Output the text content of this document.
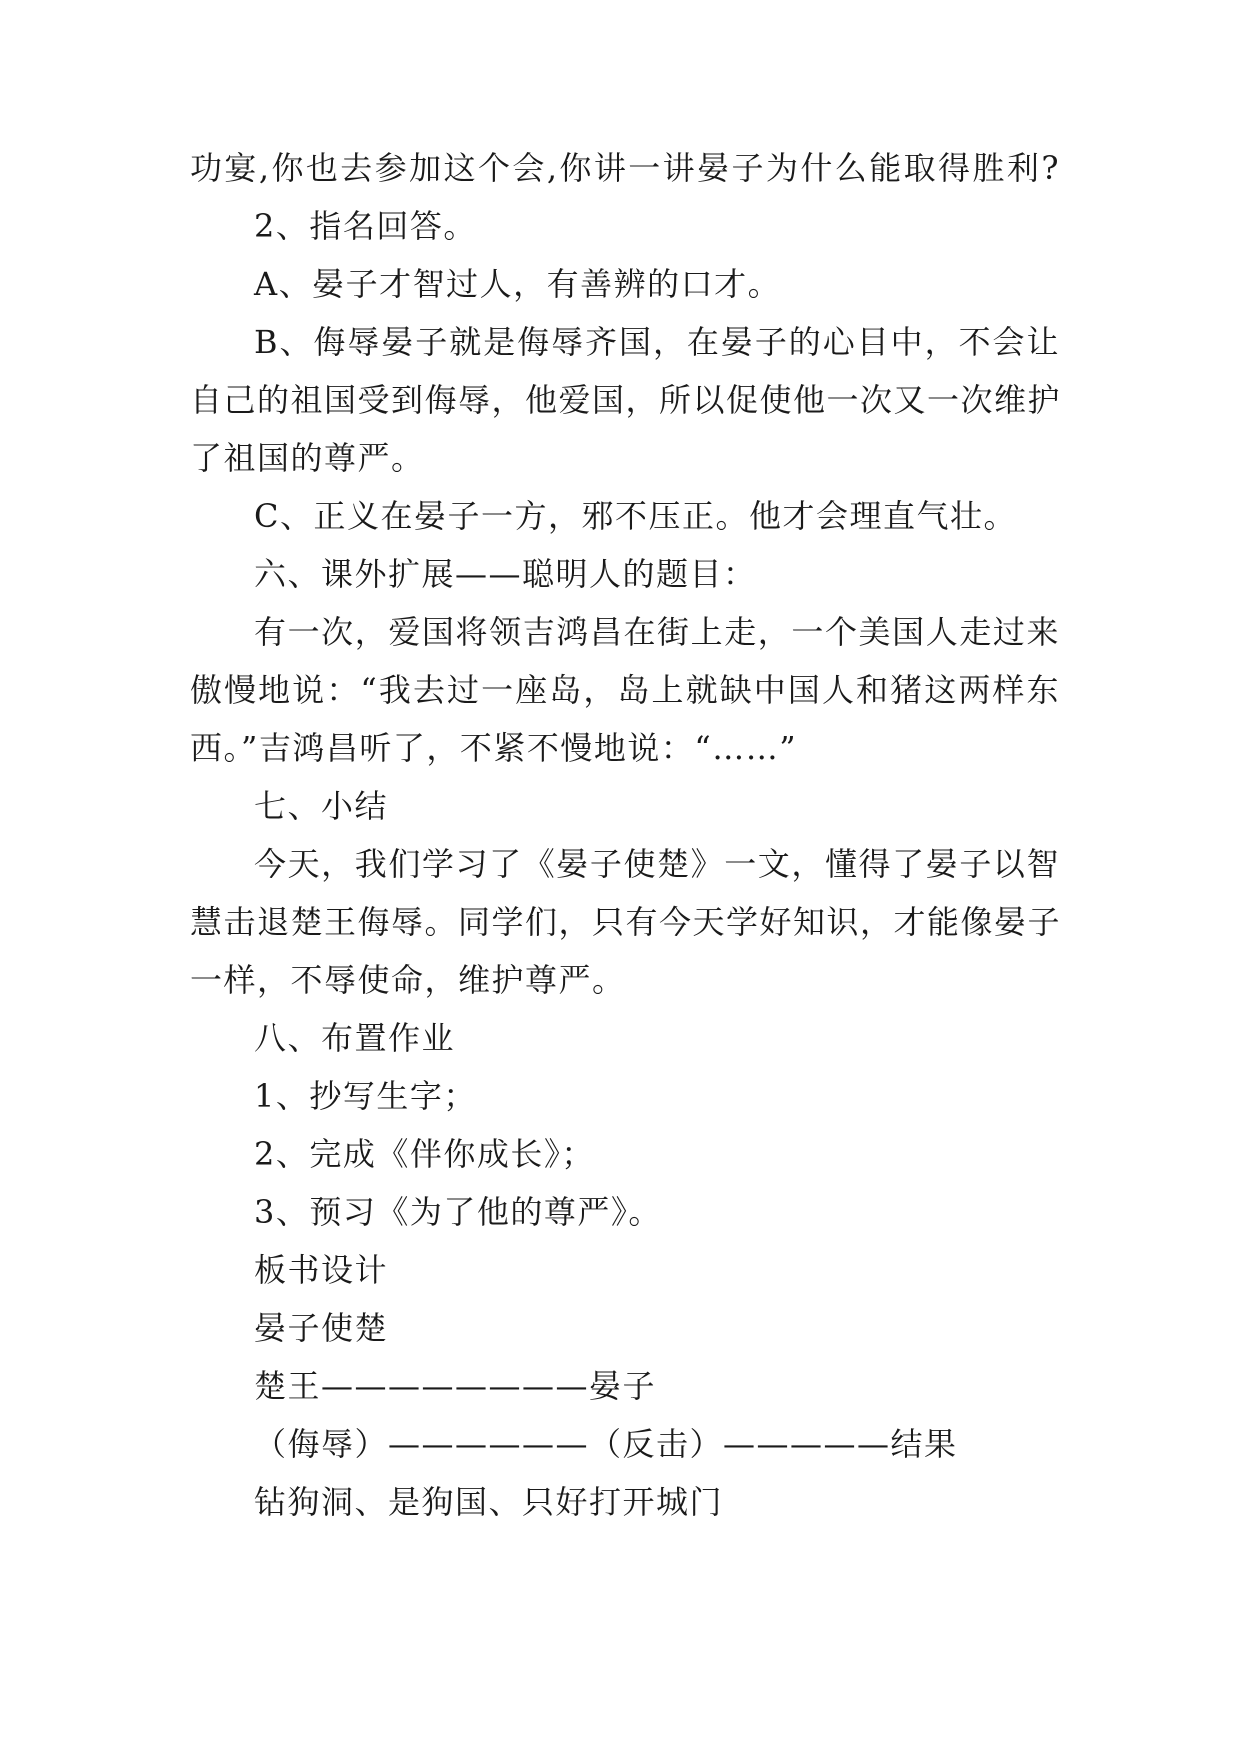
功宴,你也去参加这个会,你讲一讲晏子为什么能取得胜利?
2、指名回答。
A、晏子才智过人，有善辨的口才。
B、侮辱晏子就是侮辱齐国，在晏子的心目中，不会让
自己的祖国受到侮辱，他爱国，所以促使他一次又一次维护
了祖国的尊严。
C、正义在晏子一方，邪不压正。他才会理直气壮。
六、课外扩展——聪明人的题目：
有一次，爱国将领吉鸿昌在街上走，一个美国人走过来
傲慢地说：“我去过一座岛，岛上就缺中国人和猪这两样东
西。”吉鸿昌听了，不紧不慢地说：“……”
七、小结
今天，我们学习了《晏子使楚》一文，懂得了晏子以智
慧击退楚王侮辱。同学们，只有今天学好知识，才能像晏子
一样，不辱使命，维护尊严。
八、布置作业
1、抄写生字；
2、完成《伴你成长》；
3、预习《为了他的尊严》。
板书设计
晏子使楚
楚王————————晏子
（侮辱）——————（反击）—————结果
钻狗洞、是狗国、只好打开城门
